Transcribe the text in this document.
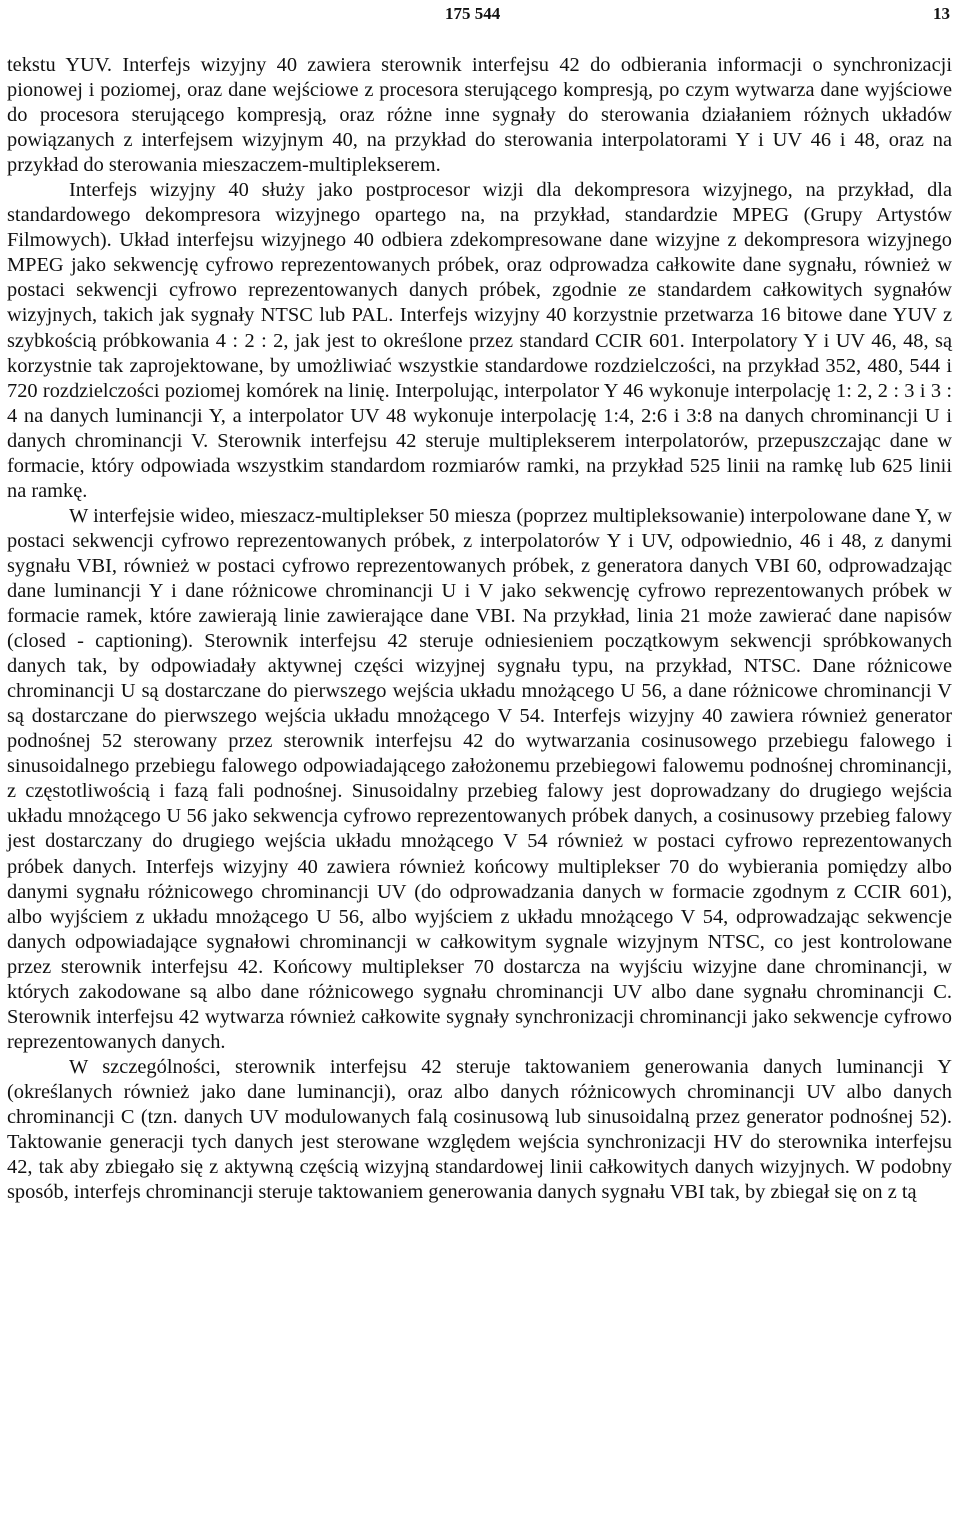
175 544	13

tekstu YUV. Interfejs wizyjny 40 zawiera sterownik interfejsu 42 do odbierania informacji o synchronizacji pionowej i poziomej, oraz dane wejściowe z procesora sterującego kompresją, po czym wytwarza dane wyjściowe do procesora sterującego kompresją, oraz różne inne sygnały do sterowania działaniem różnych układów powiązanych z interfejsem wizyjnym 40, na przykład do sterowania interpolatorami Y i UV 46 i 48, oraz na przykład do sterowania mieszaczem-multiplekserem.

Interfejs wizyjny 40 służy jako postprocesor wizji dla dekompresora wizyjnego, na przykład, dla standardowego dekompresora wizyjnego opartego na, na przykład, standardzie MPEG (Grupy Artystów Filmowych). Układ interfejsu wizyjnego 40 odbiera zdekompresowane dane wizyjne z dekompresora wizyjnego MPEG jako sekwencję cyfrowo reprezentowanych próbek, oraz odprowadza całkowite dane sygnału, również w postaci sekwencji cyfrowo reprezentowanych danych próbek, zgodnie ze standardem całkowitych sygnałów wizyjnych, takich jak sygnały NTSC lub PAL. Interfejs wizyjny 40 korzystnie przetwarza 16 bitowe dane YUV z szybkością próbkowania 4 : 2 : 2, jak jest to określone przez standard CCIR 601. Interpolatory Y i UV 46, 48, są korzystnie tak zaprojektowane, by umożliwiać wszystkie standardowe rozdzielczości, na przykład 352, 480, 544 i 720 rozdzielczości poziomej komórek na linię. Interpolując, interpolator Y 46 wykonuje interpolację 1: 2, 2 : 3 i 3 : 4 na danych luminancji Y, a interpolator UV 48 wykonuje interpolację 1:4, 2:6 i 3:8 na danych chrominancji U i danych chrominancji V. Sterownik interfejsu 42 steruje multiplekserem interpolatorów, przepuszczając dane w formacie, który odpowiada wszystkim standardom rozmiarów ramki, na przykład 525 linii na ramkę lub 625 linii na ramkę.

W interfejsie wideo, mieszacz-multiplekser 50 miesza (poprzez multipleksowanie) interpolowane dane Y, w postaci sekwencji cyfrowo reprezentowanych próbek, z interpolatorów Y i UV, odpowiednio, 46 i 48, z danymi sygnału VBI, również w postaci cyfrowo reprezentowanych próbek, z generatora danych VBI 60, odprowadzając dane luminancji Y i dane różnicowe chrominancji U i V jako sekwencję cyfrowo reprezentowanych próbek w formacie ramek, które zawierają linie zawierające dane VBI. Na przykład, linia 21 może zawierać dane napisów (closed - captioning). Sterownik interfejsu 42 steruje odniesieniem początkowym sekwencji spróbkowanych danych tak, by odpowiadały aktywnej części wizyjnej sygnału typu, na przykład, NTSC. Dane różnicowe chrominancji U są dostarczane do pierwszego wejścia układu mnożącego U 56, a dane różnicowe chrominancji V są dostarczane do pierwszego wejścia układu mnożącego V 54. Interfejs wizyjny 40 zawiera również generator podnośnej 52 sterowany przez sterownik interfejsu 42 do wytwarzania cosinusowego przebiegu falowego i sinusoidalnego przebiegu falowego odpowiadającego założonemu przebiegowi falowemu podnośnej chrominancji, z częstotliwością i fazą fali podnośnej. Sinusoidalny przebieg falowy jest doprowadzany do drugiego wejścia układu mnożącego U 56 jako sekwencja cyfrowo reprezentowanych próbek danych, a cosinusowy przebieg falowy jest dostarczany do drugiego wejścia układu mnożącego V 54 również w postaci cyfrowo reprezentowanych próbek danych. Interfejs wizyjny 40 zawiera również końcowy multiplekser 70 do wybierania pomiędzy albo danymi sygnału różnicowego chrominancji UV (do odprowadzania danych w formacie zgodnym z CCIR 601), albo wyjściem z układu mnożącego U 56, albo wyjściem z układu mnożącego V 54, odprowadzając sekwencje danych odpowiadające sygnałowi chrominancji w całkowitym sygnale wizyjnym NTSC, co jest kontrolowane przez sterownik interfejsu 42. Końcowy multiplekser 70 dostarcza na wyjściu wizyjne dane chrominancji, w których zakodowane są albo dane różnicowego sygnału chrominancji UV albo dane sygnału chrominancji C. Sterownik interfejsu 42 wytwarza również całkowite sygnały synchronizacji chrominancji jako sekwencje cyfrowo reprezentowanych danych.

W szczególności, sterownik interfejsu 42 steruje taktowaniem generowania danych luminancji Y (określanych również jako dane luminancji), oraz albo danych różnicowych chrominancji UV albo danych chrominancji C (tzn. danych UV modulowanych falą cosinusową lub sinusoidalną przez generator podnośnej 52). Taktowanie generacji tych danych jest sterowane względem wejścia synchronizacji HV do sterownika interfejsu 42, tak aby zbiegało się z aktywną częścią wizyjną standardowej linii całkowitych danych wizyjnych. W podobny sposób, interfejs chrominancji steruje taktowaniem generowania danych sygnału VBI tak, by zbiegał się on z tą
